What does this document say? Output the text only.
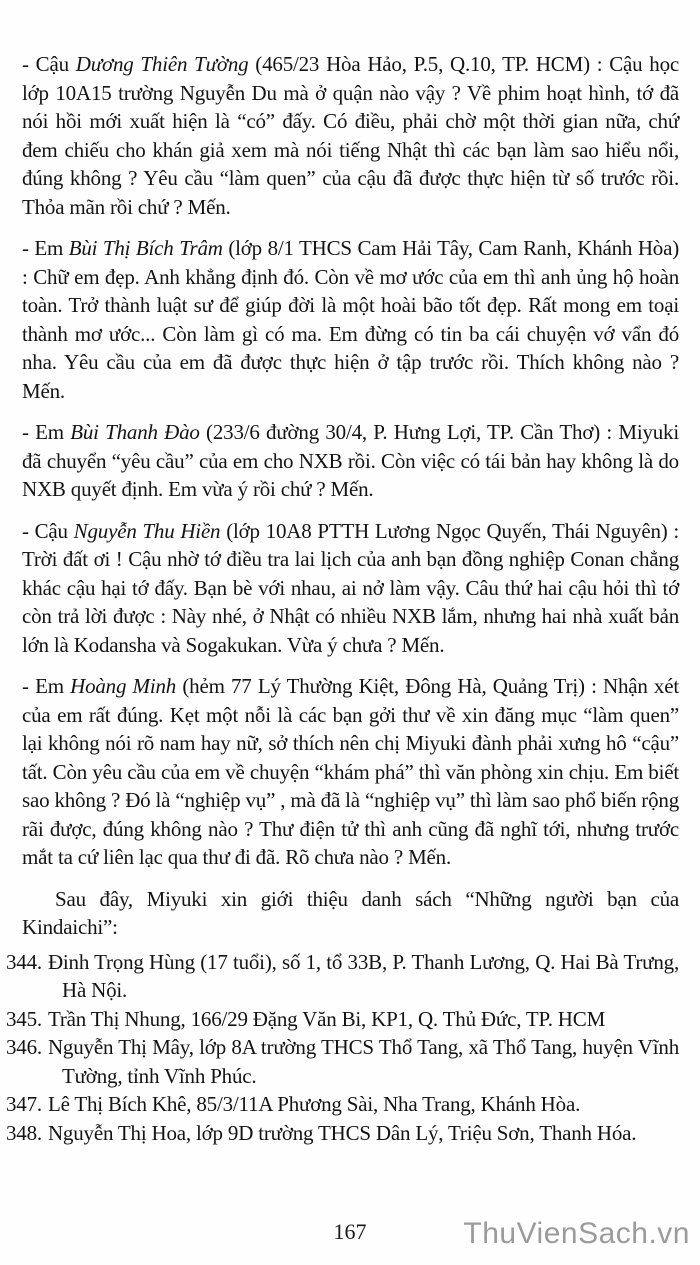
- Cậu Dương Thiên Tường (465/23 Hòa Hảo, P.5, Q.10, TP. HCM) : Cậu học lớp 10A15 trường Nguyễn Du mà ở quận nào vậy ? Về phim hoạt hình, tớ đã nói hồi mới xuất hiện là “có” đấy. Có điều, phải chờ một thời gian nữa, chứ đem chiếu cho khán giả xem mà nói tiếng Nhật thì các bạn làm sao hiểu nổi, đúng không ? Yêu cầu “làm quen” của cậu đã được thực hiện từ số trước rồi. Thỏa mãn rồi chứ ? Mến.

- Em Bùi Thị Bích Trâm (lớp 8/1 THCS Cam Hải Tây, Cam Ranh, Khánh Hòa) : Chữ em đẹp. Anh khẳng định đó. Còn về mơ ước của em thì anh ủng hộ hoàn toàn. Trở thành luật sư để giúp đời là một hoài bão tốt đẹp. Rất mong em toại thành mơ ước... Còn làm gì có ma. Em đừng có tin ba cái chuyện vớ vẩn đó nha. Yêu cầu của em đã được thực hiện ở tập trước rồi. Thích không nào ? Mến.

- Em Bùi Thanh Đào (233/6 đường 30/4, P. Hưng Lợi, TP. Cần Thơ) : Miyuki đã chuyển “yêu cầu” của em cho NXB rồi. Còn việc có tái bản hay không là do NXB quyết định. Em vừa ý rồi chứ ? Mến.

- Cậu Nguyễn Thu Hiền (lớp 10A8 PTTH Lương Ngọc Quyến, Thái Nguyên) : Trời đất ơi ! Cậu nhờ tớ điều tra lai lịch của anh bạn đồng nghiệp Conan chẳng khác cậu hại tớ đấy. Bạn bè với nhau, ai nở làm vậy. Câu thứ hai cậu hỏi thì tớ còn trả lời được : Này nhé, ở Nhật có nhiều NXB lắm, nhưng hai nhà xuất bản lớn là Kodansha và Sogakukan. Vừa ý chưa ? Mến.

- Em Hoàng Minh (hẻm 77 Lý Thường Kiệt, Đông Hà, Quảng Trị) : Nhận xét của em rất đúng. Kẹt một nỗi là các bạn gởi thư về xin đăng mục “làm quen” lại không nói rõ nam hay nữ, sở thích nên chị Miyuki đành phải xưng hô “cậu” tất. Còn yêu cầu của em về chuyện “khám phá” thì văn phòng xin chịu. Em biết sao không ? Đó là “nghiệp vụ” , mà đã là “nghiệp vụ” thì làm sao phổ biến rộng rãi được, đúng không nào ? Thư điện tử thì anh cũng đã nghĩ tới, nhưng trước mắt ta cứ liên lạc qua thư đi đã. Rõ chưa nào ? Mến.

Sau đây, Miyuki xin giới thiệu danh sách “Những người bạn của Kindaichi”:

344. Đinh Trọng Hùng (17 tuổi), số 1, tổ 33B, P. Thanh Lương, Q. Hai Bà Trưng, Hà Nội.

345. Trần Thị Nhung, 166/29 Đặng Văn Bi, KP1, Q. Thủ Đức, TP. HCM

346. Nguyễn Thị Mây, lớp 8A trường THCS Thổ Tang, xã Thổ Tang, huyện Vĩnh Tường, tỉnh Vĩnh Phúc.

347. Lê Thị Bích Khê, 85/3/11A Phương Sài, Nha Trang, Khánh Hòa.

348. Nguyễn Thị Hoa, lớp 9D trường THCS Dân Lý, Triệu Sơn, Thanh Hóa.

167	ThuVienSach.vn
